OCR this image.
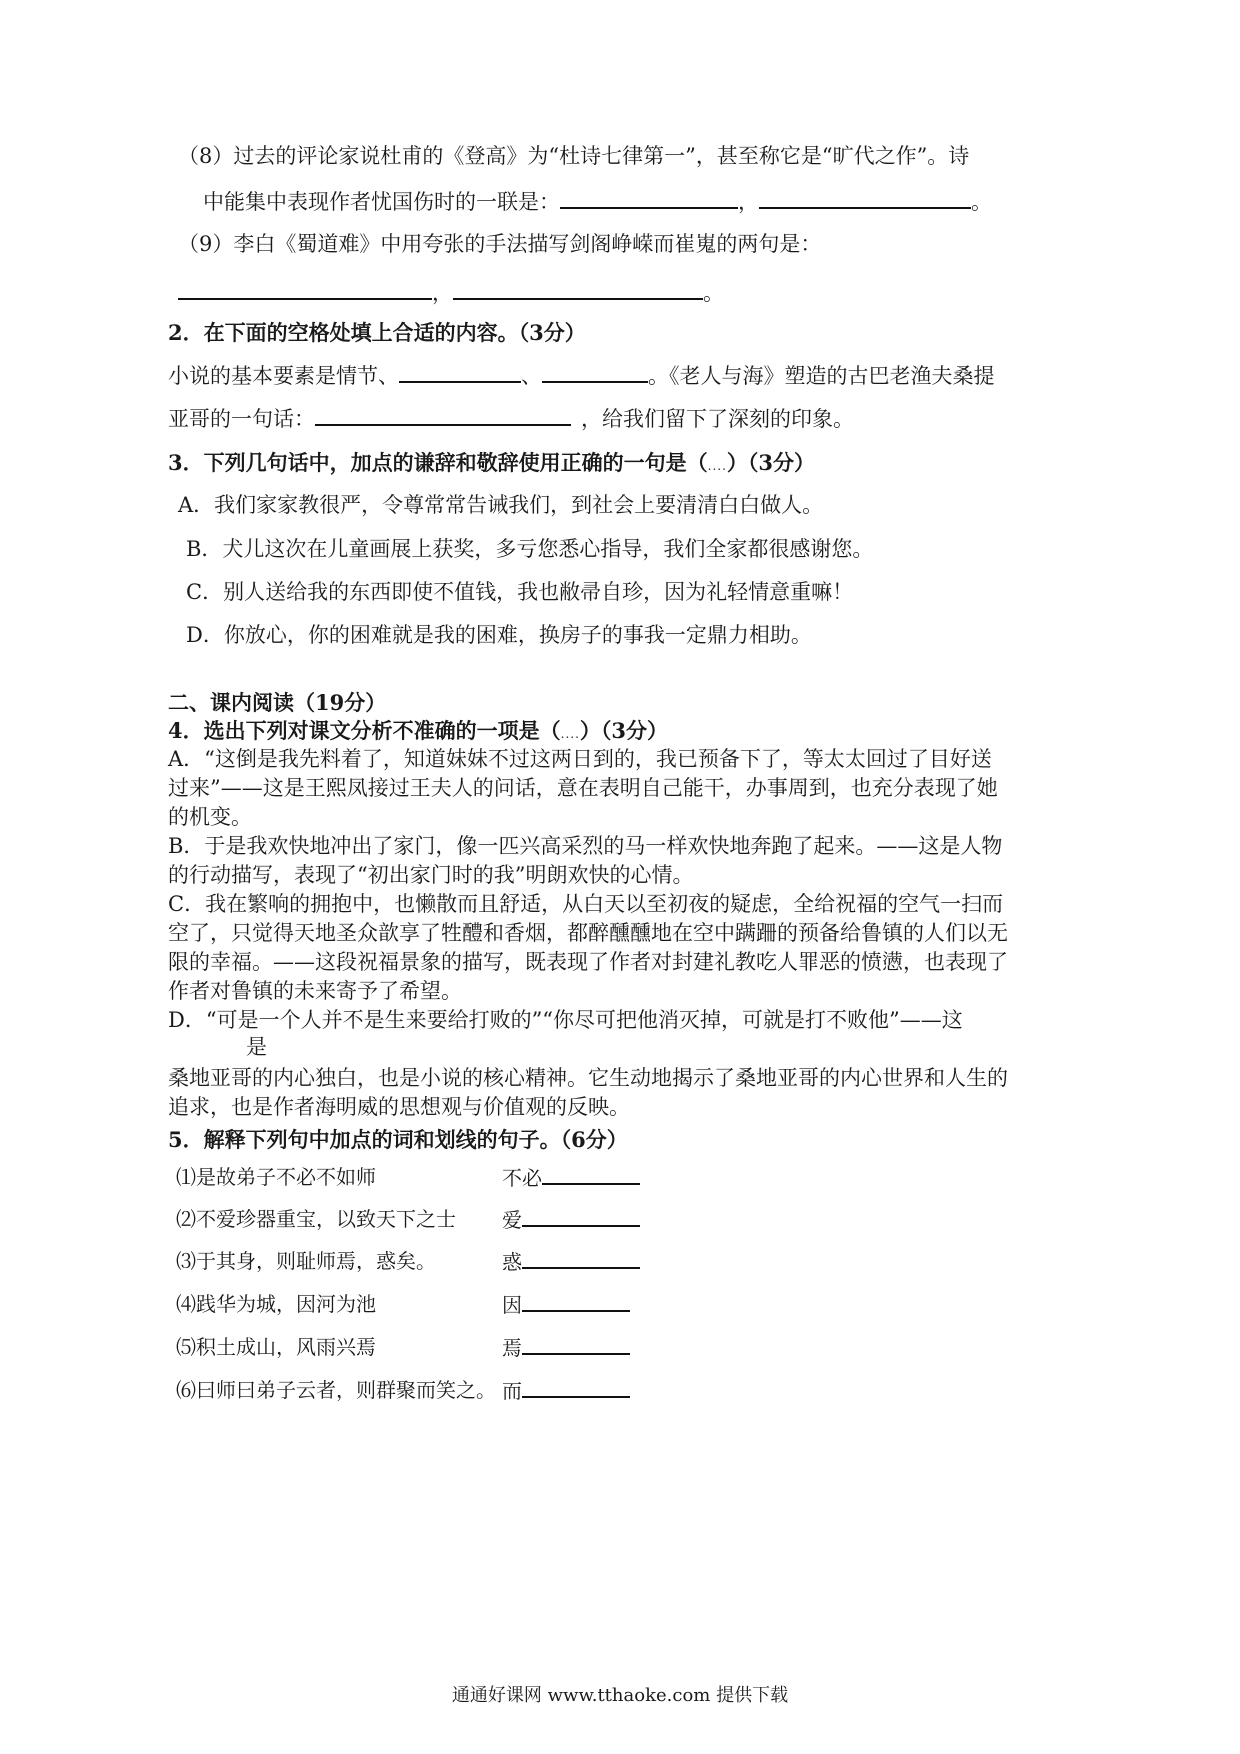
（8）过去的评论家说杜甫的《登高》为“杜诗七律第一”，甚至称它是“旷代之作”。诗
中能集中表现作者忧国伤时的一联是：	，	。
（9）李白《蜀道难》中用夸张的手法描写剑阁峥嵘而崔嵬的两句是：
，	。
2．在下面的空格处填上合适的内容。（3分）
小说的基本要素是情节、	、	。《老人与海》塑造的古巴老渔夫桑提
亚哥的一句话：	，给我们留下了深刻的印象。
3．下列几句话中，加点的谦辞和敬辞使用正确的一句是（....）（3分）
A．我们家家教很严，令尊常常告诫我们，到社会上要清清白白做人。
B．犬儿这次在儿童画展上获奖，多亏您悉心指导，我们全家都很感谢您。
C．别人送给我的东西即使不值钱，我也敝帚自珍，因为礼轻情意重嘛！
D．你放心，你的困难就是我的困难，换房子的事我一定鼎力相助。
二、课内阅读（19分）
4．选出下列对课文分析不准确的一项是（....）（3分）
A．“这倒是我先料着了，知道妹妹不过这两日到的，我已预备下了，等太太回过了目好送
过来”——这是王熙凤接过王夫人的问话，意在表明自己能干，办事周到，也充分表现了她
的机变。
B．于是我欢快地冲出了家门，像一匹兴高采烈的马一样欢快地奔跑了起来。——这是人物
的行动描写，表现了“初出家门时的我”明朗欢快的心情。
C．我在繁响的拥抱中，也懒散而且舒适，从白天以至初夜的疑虑，全给祝福的空气一扫而
空了，只觉得天地圣众歆享了牲醴和香烟，都醉醺醺地在空中蹒跚的预备给鲁镇的人们以无
限的幸福。——这段祝福景象的描写，既表现了作者对封建礼教吃人罪恶的愤懑，也表现了
作者对鲁镇的未来寄予了希望。
D．“可是一个人并不是生来要给打败的”“你尽可把他消灭掉，可就是打不败他”——这
是
桑地亚哥的内心独白，也是小说的核心精神。它生动地揭示了桑地亚哥的内心世界和人生的
追求，也是作者海明威的思想观与价值观的反映。
5．解释下列句中加点的词和划线的句子。（6分）
⑴是故弟子不必不如师	不必
⑵不爱珍器重宝，以致天下之士 爱
⑶于其身，则耻师焉，惑矣。	惑
⑷践华为城，因河为池	因
⑸积土成山，风雨兴焉	焉
⑹曰师曰弟子云者，则群聚而笑之。 而
通通好课网 www.tthaoke.com 提供下载
